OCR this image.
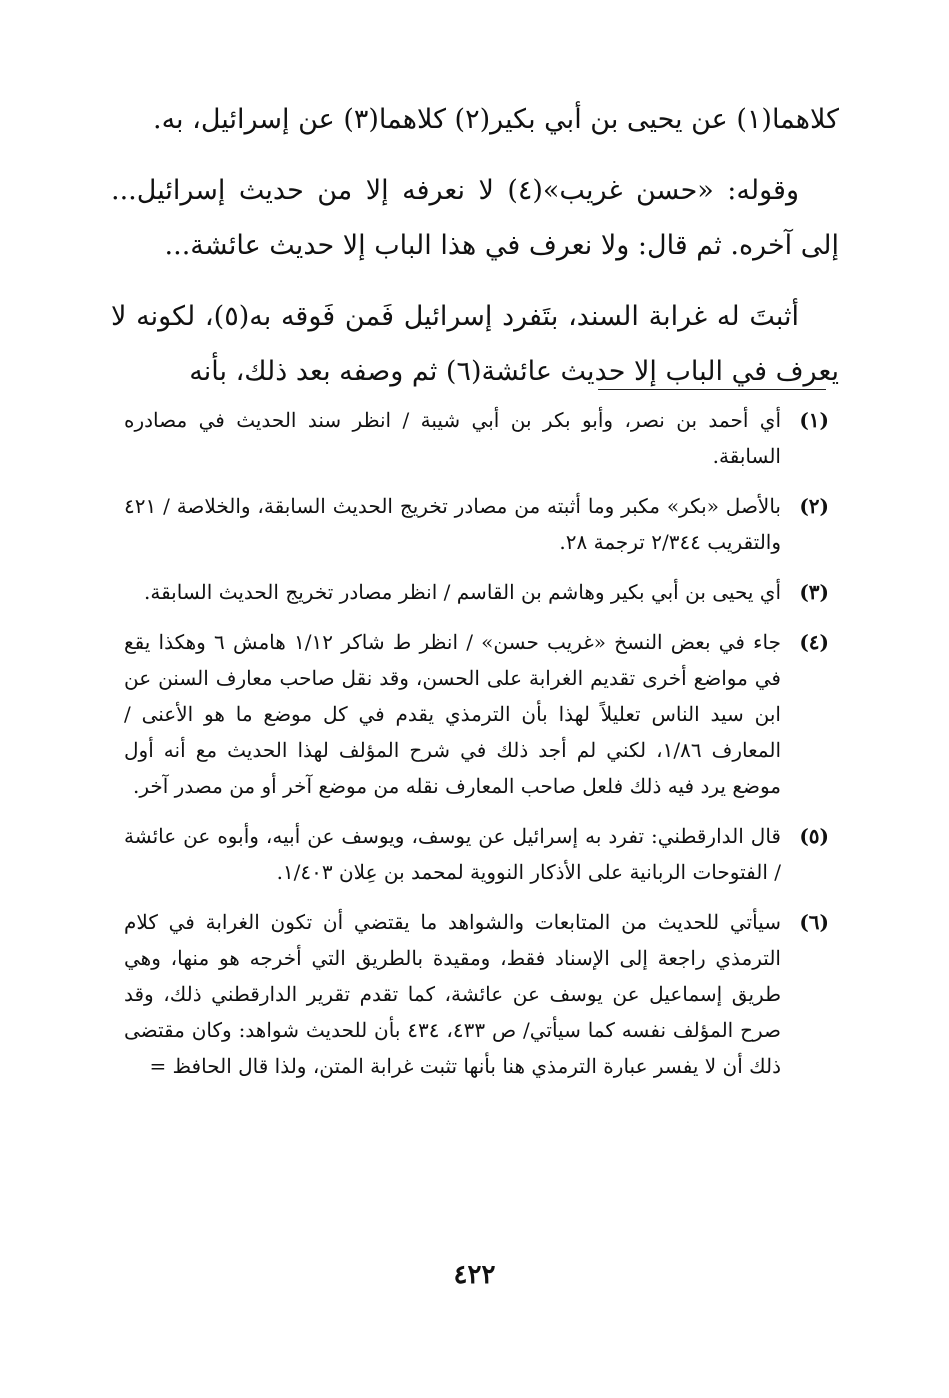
كلاهما(١) عن يحيى بن أبي بكير(٢) كلاهما(٣) عن إسرائيل، به.

وقوله: «حسن غريب»(٤) لا نعرفه إلا من حديث إسرائيل... إلى آخره. ثم قال: ولا نعرف في هذا الباب إلا حديث عائشة...

أثبتَ له غرابة السند، بتَفرد إسرائيل فَمن فَوقه به(٥)، لكونه لا يعرف في الباب إلا حديث عائشة(٦) ثم وصفه بعد ذلك، بأنه

(١)
أي أحمد بن نصر، وأبو بكر بن أبي شيبة / انظر سند الحديث في مصادره السابقة.
(٢)
بالأصل «بكر» مكبر وما أثبته من مصادر تخريج الحديث السابقة، والخلاصة / ٤٢١ والتقريب ٢/٣٤٤ ترجمة ٢٨.
(٣)
أي يحيى بن أبي بكير وهاشم بن القاسم / انظر مصادر تخريج الحديث السابقة.
(٤)
جاء في بعض النسخ «غريب حسن» / انظر ط شاكر ١/١٢ هامش ٦ وهكذا يقع في مواضع أخرى تقديم الغرابة على الحسن، وقد نقل صاحب معارف السنن عن ابن سيد الناس تعليلاً لهذا بأن الترمذي يقدم في كل موضع ما هو الأعنى / المعارف ١/٨٦، لكني لم أجد ذلك في شرح المؤلف لهذا الحديث مع أنه أول موضع يرد فيه ذلك فلعل صاحب المعارف نقله من موضع آخر أو من مصدر آخر.
(٥)
قال الدارقطني: تفرد به إسرائيل عن يوسف، ويوسف عن أبيه، وأبوه عن عائشة / الفتوحات الربانية على الأذكار النووية لمحمد بن عِلان ١/٤٠٣.
(٦)
سيأتي للحديث من المتابعات والشواهد ما يقتضي أن تكون الغرابة في كلام الترمذي راجعة إلى الإسناد فقط، ومقيدة بالطريق التي أخرجه هو منها، وهي طريق إسماعيل عن يوسف عن عائشة، كما تقدم تقرير الدارقطني ذلك، وقد صرح المؤلف نفسه كما سيأتي/ ص ٤٣٣، ٤٣٤ بأن للحديث شواهد: وكان مقتضى ذلك أن لا يفسر عبارة الترمذي هنا بأنها تثبت غرابة المتن، ولذا قال الحافظ =
٤٢٢
